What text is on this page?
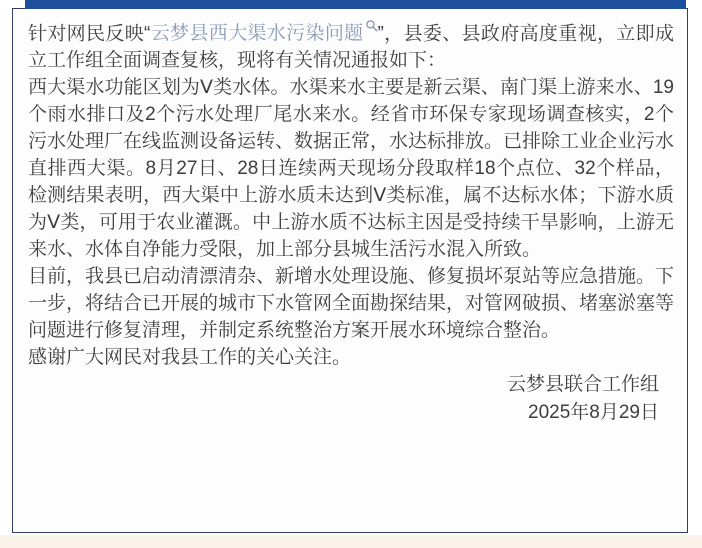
针对网民反映“云梦县西大渠水污染问题 ”，县委、县政府高度重视，立即成立工作组全面调查复核，现将有关情况通报如下：

西大渠水功能区划为Ⅴ类水体。水渠来水主要是新云渠、南门渠上游来水、19个雨水排口及2个污水处理厂尾水来水。经省市环保专家现场调查核实，2个污水处理厂在线监测设备运转、数据正常，水达标排放。已排除工业企业污水直排西大渠。8月27日、28日连续两天现场分段取样18个点位、32个样品，检测结果表明，西大渠中上游水质未达到Ⅴ类标准，属不达标水体；下游水质为Ⅴ类，可用于农业灌溉。中上游水质不达标主因是受持续干旱影响，上游无来水、水体自净能力受限，加上部分县城生活污水混入所致。

目前，我县已启动清漂清杂、新增水处理设施、修复损坏泵站等应急措施。下一步，将结合已开展的城市下水管网全面勘探结果，对管网破损、堵塞淤塞等问题进行修复清理，并制定系统整治方案开展水环境综合整治。

感谢广大网民对我县工作的关心关注。

云梦县联合工作组
2025年8月29日
